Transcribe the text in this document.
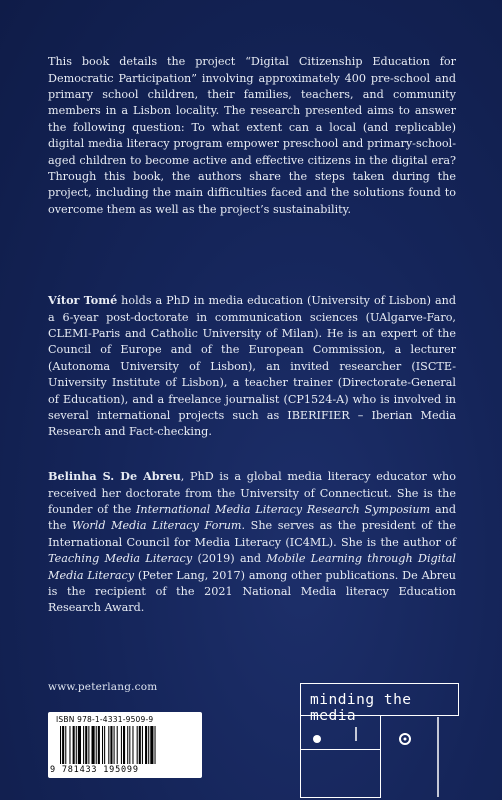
This book details the project “Digital Citizenship Education for Democratic Participation” involving approximately 400 pre-school and primary school children, their families, teachers, and community members in a Lisbon locality. The research presented aims to answer the following question: To what extent can a local (and replicable) digital media literacy program empower preschool and primary-school-aged children to become active and effective citizens in the digital era? Through this book, the authors share the steps taken during the project, including the main difficulties faced and the solutions found to overcome them as well as the project’s sustainability.

Vítor Tomé holds a PhD in media education (University of Lisbon) and a 6-year post-doctorate in communication sciences (UAlgarve-Faro, CLEMI-Paris and Catholic University of Milan). He is an expert of the Council of Europe and of the European Commission, a lecturer (Autonoma University of Lisbon), an invited researcher (ISCTE-University Institute of Lisbon), a teacher trainer (Directorate-General of Education), and a freelance journalist (CP1524-A) who is involved in several international projects such as IBERIFIER – Iberian Media Research and Fact-checking.

Belinha S. De Abreu, PhD is a global media literacy educator who received her doctorate from the University of Connecticut. She is the founder of the International Media Literacy Research Symposium and the World Media Literacy Forum. She serves as the president of the International Council for Media Literacy (IC4ML). She is the author of Teaching Media Literacy (2019) and Mobile Learning through Digital Media Literacy (Peter Lang, 2017) among other publications. De Abreu is the recipient of the 2021 National Media literacy Education Research Award.

www.peterlang.com
ISBN 978-1-4331-9509-9
9 781433 195099
minding the media
